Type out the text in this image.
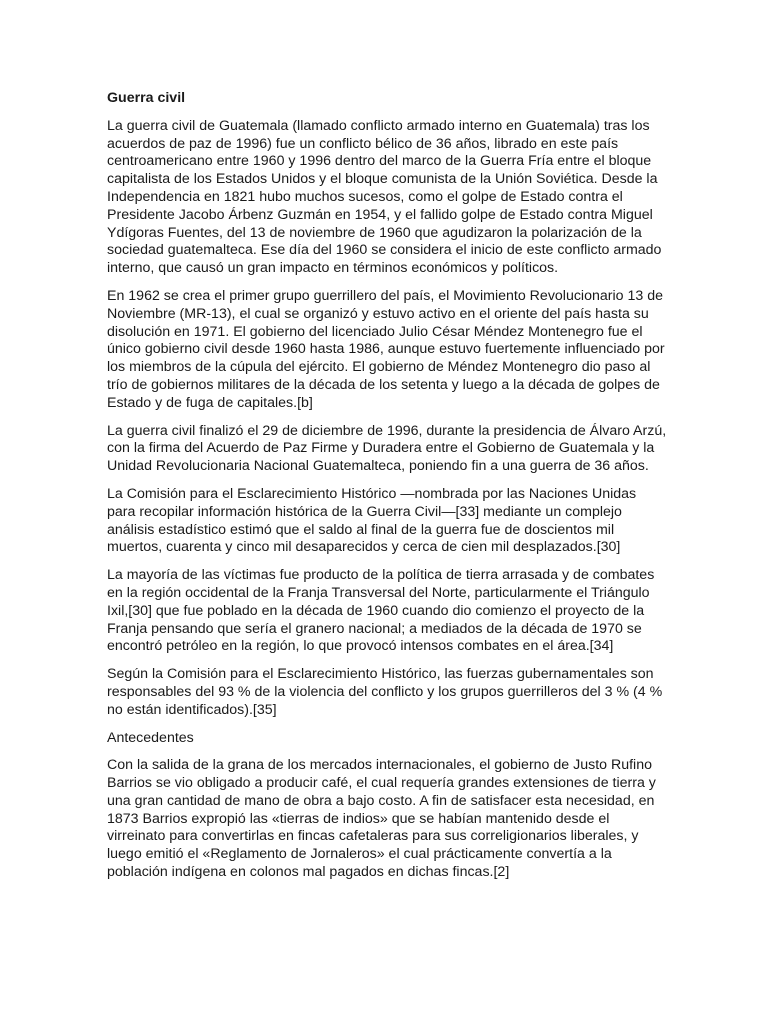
Guerra civil

La guerra civil de Guatemala (llamado conflicto armado interno en Guatemala) tras los acuerdos de paz de 1996) fue un conflicto bélico de 36 años, librado en este país centroamericano entre 1960 y 1996 dentro del marco de la Guerra Fría entre el bloque capitalista de los Estados Unidos y el bloque comunista de la Unión Soviética. Desde la Independencia en 1821 hubo muchos sucesos, como el golpe de Estado contra el Presidente Jacobo Árbenz Guzmán en 1954, y el fallido golpe de Estado contra Miguel Ydígoras Fuentes, del 13 de noviembre de 1960 que agudizaron la polarización de la sociedad guatemalteca. Ese día del 1960 se considera el inicio de este conflicto armado interno, que causó un gran impacto en términos económicos y políticos.

En 1962 se crea el primer grupo guerrillero del país, el Movimiento Revolucionario 13 de Noviembre (MR-13), el cual se organizó y estuvo activo en el oriente del país hasta su disolución en 1971. El gobierno del licenciado Julio César Méndez Montenegro fue el único gobierno civil desde 1960 hasta 1986, aunque estuvo fuertemente influenciado por los miembros de la cúpula del ejército. El gobierno de Méndez Montenegro dio paso al trío de gobiernos militares de la década de los setenta y luego a la década de golpes de Estado y de fuga de capitales.[b]

La guerra civil finalizó el 29 de diciembre de 1996, durante la presidencia de Álvaro Arzú, con la firma del Acuerdo de Paz Firme y Duradera entre el Gobierno de Guatemala y la Unidad Revolucionaria Nacional Guatemalteca, poniendo fin a una guerra de 36 años.

La Comisión para el Esclarecimiento Histórico —nombrada por las Naciones Unidas para recopilar información histórica de la Guerra Civil—[33] mediante un complejo análisis estadístico estimó que el saldo al final de la guerra fue de doscientos mil muertos, cuarenta y cinco mil desaparecidos y cerca de cien mil desplazados.[30]

La mayoría de las víctimas fue producto de la política de tierra arrasada y de combates en la región occidental de la Franja Transversal del Norte, particularmente el Triángulo Ixil,[30] que fue poblado en la década de 1960 cuando dio comienzo el proyecto de la Franja pensando que sería el granero nacional; a mediados de la década de 1970 se encontró petróleo en la región, lo que provocó intensos combates en el área.[34]

Según la Comisión para el Esclarecimiento Histórico, las fuerzas gubernamentales son responsables del 93 % de la violencia del conflicto y los grupos guerrilleros del 3 % (4 % no están identificados).[35]

Antecedentes

Con la salida de la grana de los mercados internacionales, el gobierno de Justo Rufino Barrios se vio obligado a producir café, el cual requería grandes extensiones de tierra y una gran cantidad de mano de obra a bajo costo. A fin de satisfacer esta necesidad, en 1873 Barrios expropió las «tierras de indios» que se habían mantenido desde el virreinato para convertirlas en fincas cafetaleras para sus correligionarios liberales, y luego emitió el «Reglamento de Jornaleros» el cual prácticamente convertía a la población indígena en colonos mal pagados en dichas fincas.[2]
